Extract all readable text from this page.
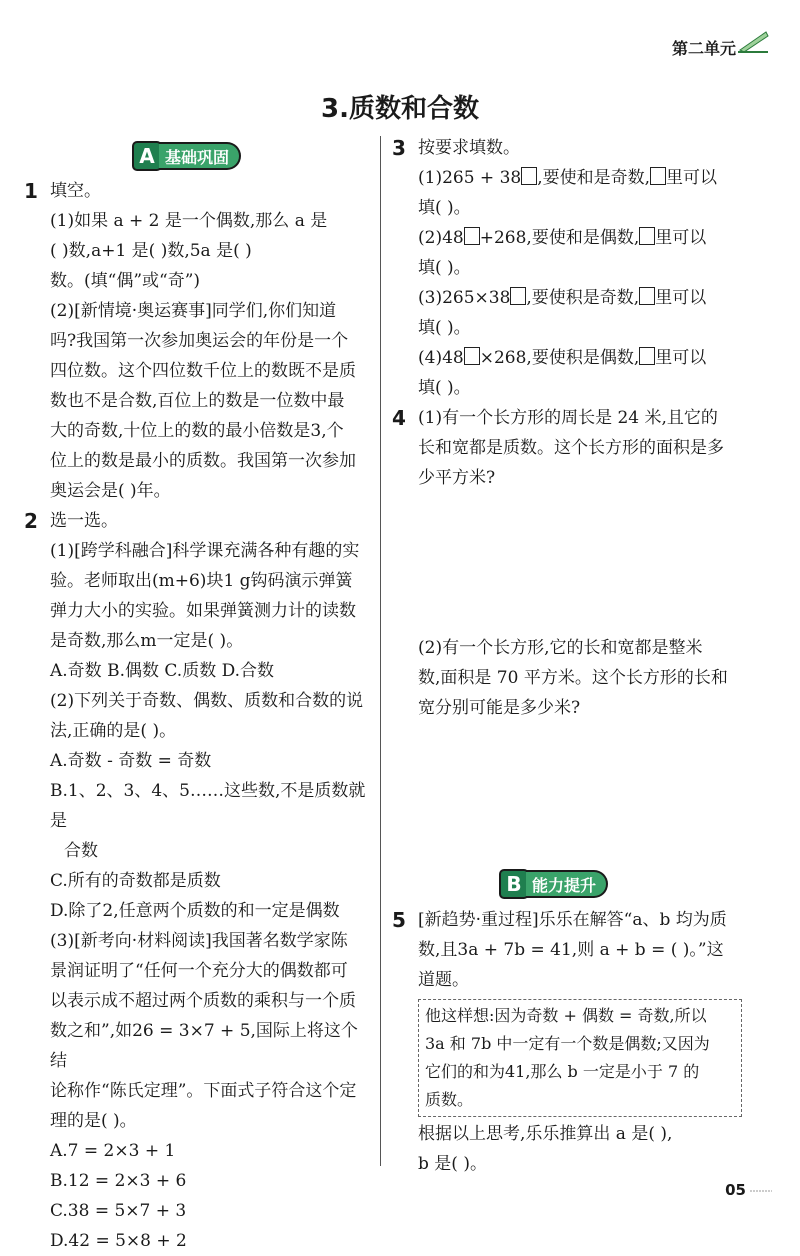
第二单元
3.质数和合数
A 基础巩固
1 填空。

(1)如果 a + 2 是一个偶数,那么 a 是

( )数,a+1 是( )数,5a 是( )

数。(填“偶”或“奇”)

(2)[新情境·奥运赛事]同学们,你们知道

吗?我国第一次参加奥运会的年份是一个

四位数。这个四位数千位上的数既不是质

数也不是合数,百位上的数是一位数中最

大的奇数,十位上的数的最小倍数是3,个

位上的数是最小的质数。我国第一次参加

奥运会是( )年。

2 选一选。

(1)[跨学科融合]科学课充满各种有趣的实

验。老师取出(m+6)块1 g钩码演示弹簧

弹力大小的实验。如果弹簧测力计的读数

是奇数,那么m一定是( )。

A.奇数 B.偶数 C.质数 D.合数

(2)下列关于奇数、偶数、质数和合数的说

法,正确的是( )。

A.奇数 - 奇数 = 奇数

B.1、2、3、4、5……这些数,不是质数就是

合数

C.所有的奇数都是质数

D.除了2,任意两个质数的和一定是偶数

(3)[新考向·材料阅读]我国著名数学家陈

景润证明了“任何一个充分大的偶数都可

以表示成不超过两个质数的乘积与一个质

数之和”,如26 = 3×7 + 5,国际上将这个结

论称作“陈氏定理”。下面式子符合这个定

理的是( )。

A.7 = 2×3 + 1

B.12 = 2×3 + 6

C.38 = 5×7 + 3

D.42 = 5×8 + 2

3 按要求填数。

(1)265 + 38 ,要使和是奇数, 里可以

填( )。

(2)48 +268,要使和是偶数, 里可以

填( )。

(3)265×38 ,要使积是奇数, 里可以

填( )。

(4)48 ×268,要使积是偶数, 里可以

填( )。

4 (1)有一个长方形的周长是 24 米,且它的

长和宽都是质数。这个长方形的面积是多

少平方米?

(2)有一个长方形,它的长和宽都是整米

数,面积是 70 平方米。这个长方形的长和

宽分别可能是多少米?

B 能力提升
5 [新趋势·重过程]乐乐在解答“a、b 均为质

数,且3a + 7b = 41,则 a + b = ( )。”这

道题。

他这样想:因为奇数 + 偶数 = 奇数,所以

3a 和 7b 中一定有一个数是偶数;又因为

它们的和为41,那么 b 一定是小于 7 的

质数。

根据以上思考,乐乐推算出 a 是( ),

b 是( )。

05
